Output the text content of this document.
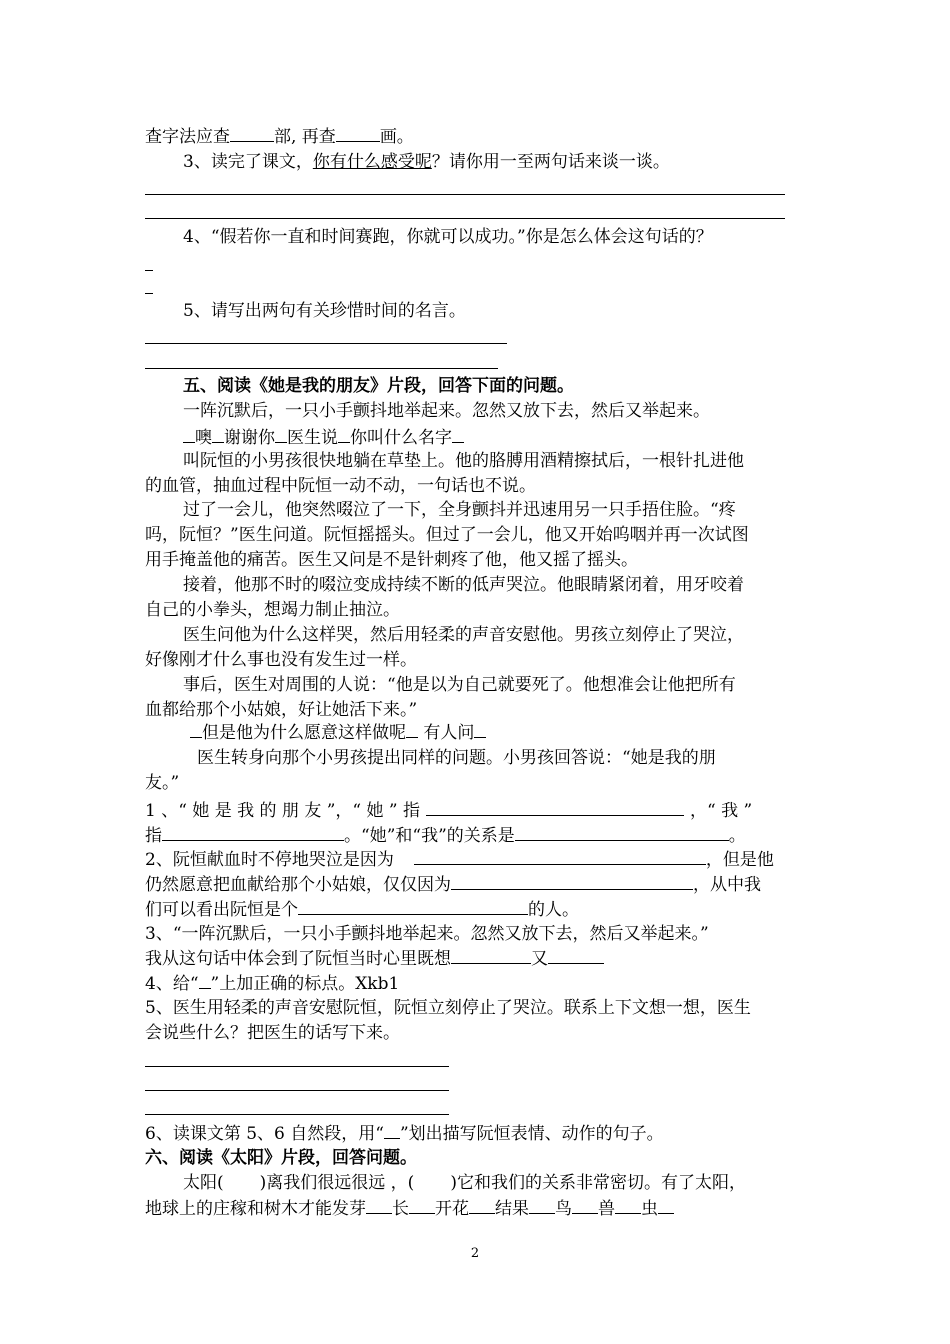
查字法应查	部, 再查	画。
3、读完了课文，你有什么感受呢？请你用一至两句话来谈一谈。
4、“假若你一直和时间赛跑，你就可以成功。”你是怎么体会这句话的？
5、请写出两句有关珍惜时间的名言。
五、阅读《她是我的朋友》片段，回答下面的问题。
一阵沉默后，一只小手颤抖地举起来。忽然又放下去，然后又举起来。
噢 谢谢你 医生说 你叫什么名字
叫阮恒的小男孩很快地躺在草垫上。他的胳膊用酒精擦拭后，一根针扎进他
的血管，抽血过程中阮恒一动不动，一句话也不说。
过了一会儿，他突然啜泣了一下，全身颤抖并迅速用另一只手捂住脸。“疼
吗，阮恒？”医生问道。阮恒摇摇头。但过了一会儿，他又开始呜咽并再一次试图
用手掩盖他的痛苦。医生又问是不是针刺疼了他，他又摇了摇头。
接着，他那不时的啜泣变成持续不断的低声哭泣。他眼睛紧闭着，用牙咬着
自己的小拳头，想竭力制止抽泣。
医生问他为什么这样哭，然后用轻柔的声音安慰他。男孩立刻停止了哭泣，
好像刚才什么事也没有发生过一样。
事后，医生对周围的人说：“他是以为自己就要死了。他想准会让他把所有
血都给那个小姑娘，好让她活下来。”
但是他为什么愿意这样做呢 有人问
医生转身向那个小男孩提出同样的问题。小男孩回答说：“她是我的朋
友。”
1 、“ 她 是 我 的 朋 友 ”，“ 她 ” 指	，“ 我 ”
指	。“她”和“我”的关系是	。
2、阮恒献血时不停地哭泣是因为	，但是他
仍然愿意把血献给那个小姑娘，仅仅因为	，从中我
们可以看出阮恒是个	的人。
3、“一阵沉默后，一只小手颤抖地举起来。忽然又放下去，然后又举起来。”
我从这句话中体会到了阮恒当时心里既想	又
4、给“ ”上加正确的标点。Xkb1
5、医生用轻柔的声音安慰阮恒，阮恒立刻停止了哭泣。联系上下文想一想，医生
会说些什么？把医生的话写下来。
6、读课文第 5、6 自然段，用“ ”划出描写阮恒表情、动作的句子。
六、阅读《太阳》片段，回答问题。
太阳( )离我们很远很远 ，( )它和我们的关系非常密切。有了太阳，
地球上的庄稼和树木才能发芽 长 开花 结果 鸟 兽 虫
2
